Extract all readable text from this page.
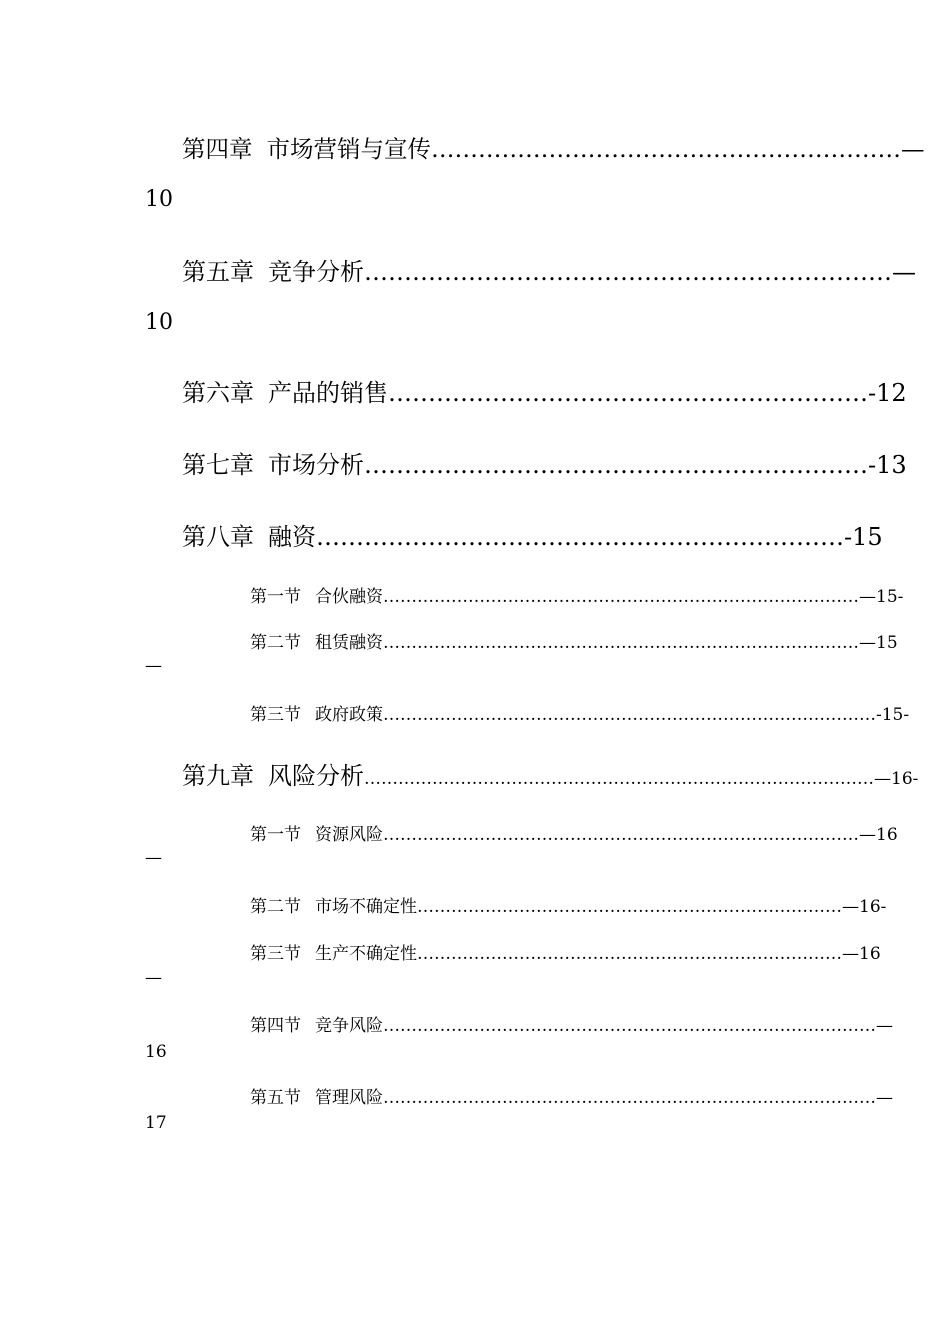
第四章 市场营销与宣传……………………………………………………—
10
第五章 竞争分析…………………………………………………………—
10
第六章 产品的销售……………………………………………………-12
第七章 市场分析………………………………………………………-13
第八章 融资…………………………………………………………-15
第一节 合伙融资…………………………………………………………………………—15-
第二节 租赁融资…………………………………………………………………………—15
—
第三节 政府政策……………………………………………………………………………-15-
第九章 风险分析………………………………………………………………………………—16-
第一节 资源风险…………………………………………………………………………—16
—
第二节 市场不确定性…………………………………………………………………—16-
第三节 生产不确定性…………………………………………………………………—16
—
第四节 竞争风险……………………………………………………………………………—
16
第五节 管理风险……………………………………………………………………………—
17
